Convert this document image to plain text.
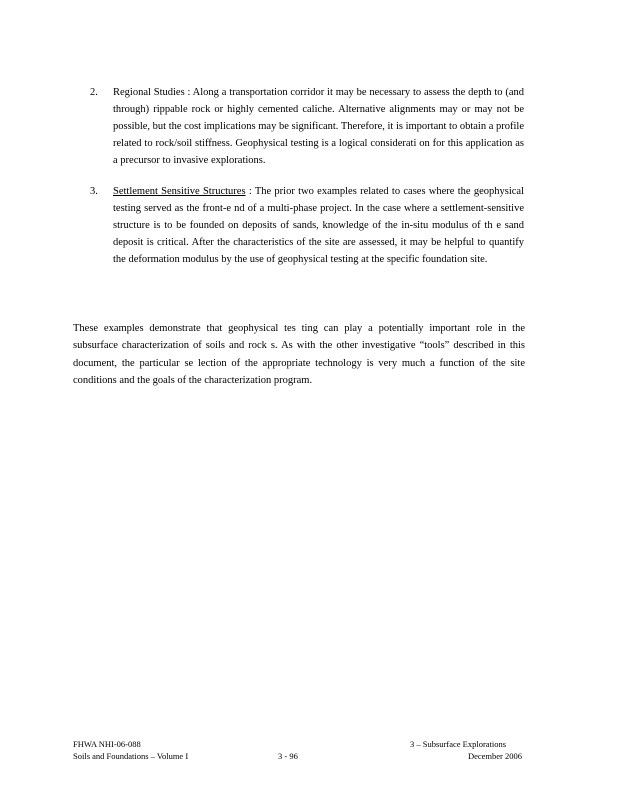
2. Regional Studies : Along a transportation corridor it may be necessary to assess the depth to (and through) rippable rock or highly cemented caliche. Alternative alignments may or may not be possible, but the cost implications may be significant. Therefore, it is important to obtain a profile related to rock/soil stiffness. Geophysical testing is a logical considerati on for this application as a precursor to invasive explorations.
3. Settlement Sensitive Structures : The prior two examples related to cases where the geophysical testing served as the front-e nd of a multi-phase project. In the case where a settlement-sensitive structure is to be founded on deposits of sands, knowledge of the in-situ modulus of th e sand deposit is critical. After the characteristics of the site are assessed, it may be helpful to quantify the deformation modulus by the use of geophysical testing at the specific foundation site.
These examples demonstrate that geophysical tes ting can play a potentially important role in the subsurface characterization of soils and rock s. As with the other investigative “tools” described in this document, the particular se lection of the appropriate technology is very much a function of the site conditions and the goals of the characterization program.
FHWA NHI-06-088
Soils and Foundations – Volume I	3 - 96
3 – Subsurface Explorations
December 2006
